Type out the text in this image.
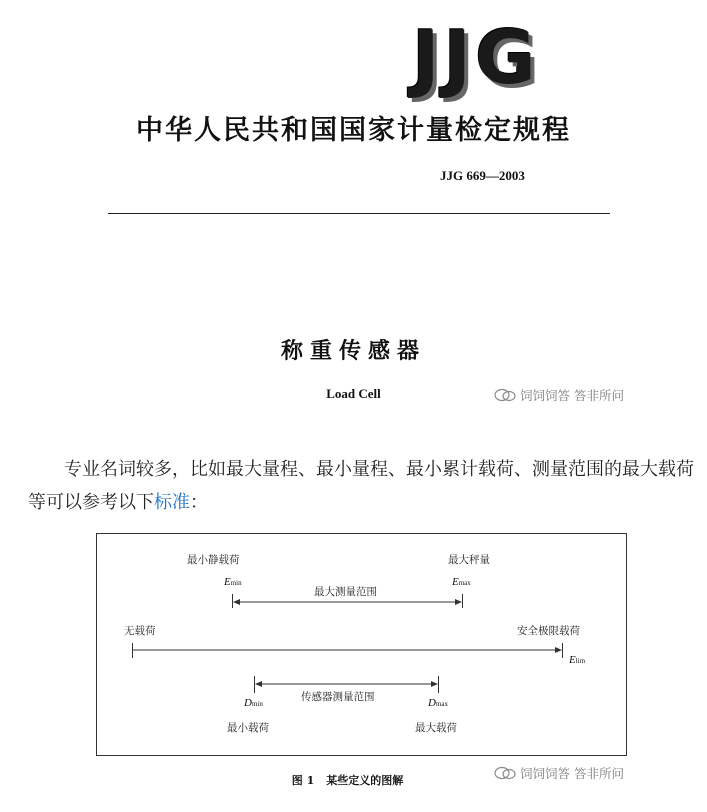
JJG
中华人民共和国国家计量检定规程
JJG 669—2003
称重传感器
Load Cell	饲饲饲答 答非所问
专业名词较多，比如最大量程、最小量程、最小累计载荷、测量范围的最大载荷等可以参考以下标准：
最小静载荷	最大秤量
Emin	Emax
最大测量范围
无载荷	安全极限载荷
Elim
传感器测量范围
Dmin	Dmax
最小载荷	最大载荷
图 1 某些定义的图解	饲饲饲答 答非所问
